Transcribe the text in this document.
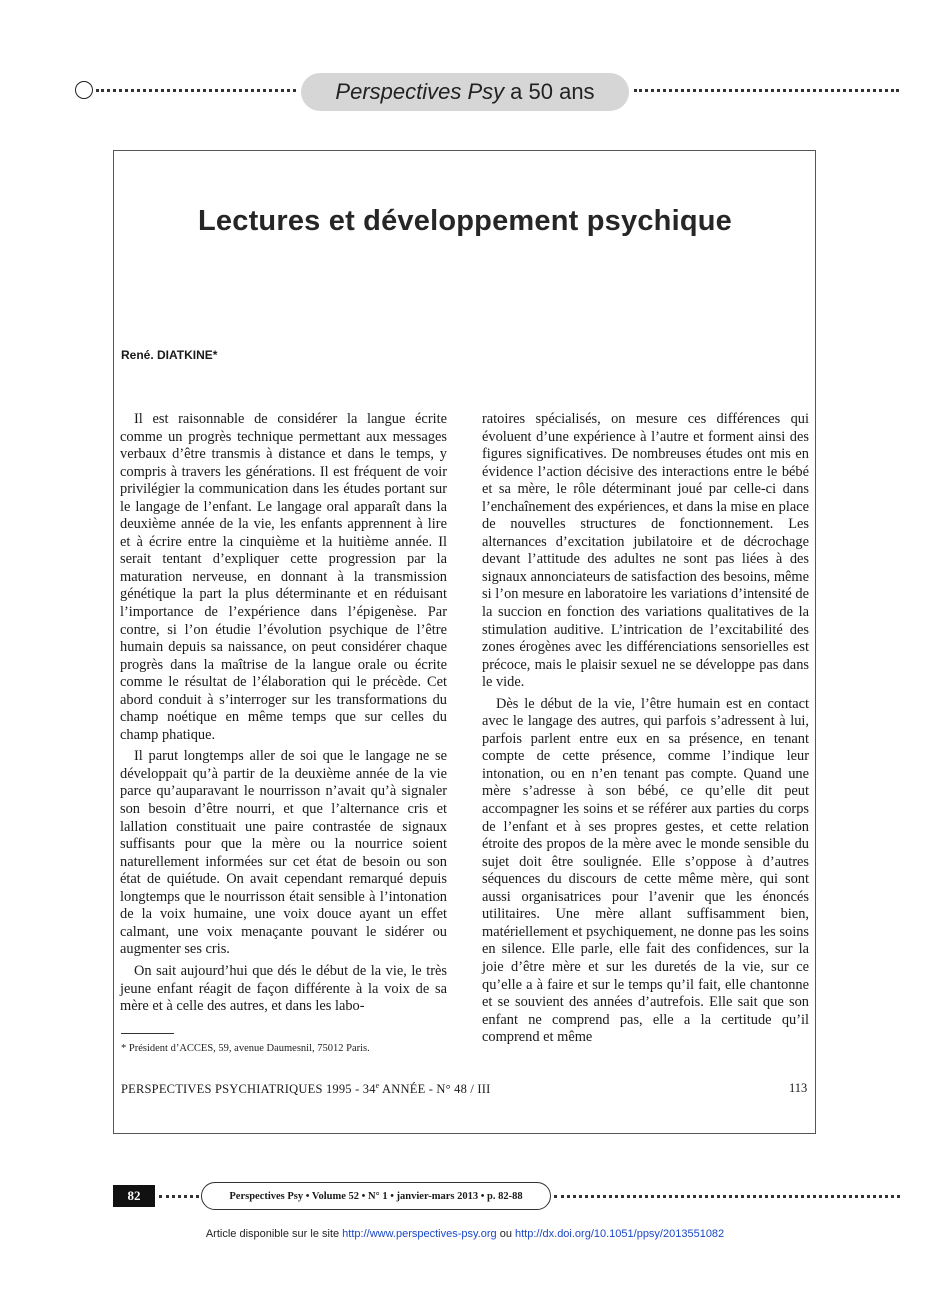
Perspectives Psy a 50 ans
Lectures et développement psychique
René. DIATKINE*

Il est raisonnable de considérer la langue écrite comme un progrès technique permettant aux messages verbaux d’être transmis à distance et dans le temps, y compris à travers les générations. Il est fréquent de voir privilégier la communication dans les études portant sur le langage de l’enfant. Le langage oral apparaît dans la deuxième année de la vie, les enfants apprennent à lire et à écrire entre la cinquième et la huitième année. Il serait tentant d’expliquer cette progression par la maturation nerveuse, en donnant à la transmission génétique la part la plus déterminante et en réduisant l’importance de l’expérience dans l’épigenèse. Par contre, si l’on étudie l’évolution psychique de l’être humain depuis sa naissance, on peut considérer chaque progrès dans la maîtrise de la langue orale ou écrite comme le résultat de l’élaboration qui le précède. Cet abord conduit à s’interroger sur les transformations du champ noétique en même temps que sur celles du champ phatique.

Il parut longtemps aller de soi que le langage ne se développait qu’à partir de la deuxième année de la vie parce qu’auparavant le nourrisson n’avait qu’à signaler son besoin d’être nourri, et que l’alternance cris et lallation constituait une paire contrastée de signaux suffisants pour que la mère ou la nourrice soient naturellement informées sur cet état de besoin ou son état de quiétude. On avait cependant remarqué depuis longtemps que le nourrisson était sensible à l’intonation de la voix humaine, une voix douce ayant un effet calmant, une voix menaçante pouvant le sidérer ou augmenter ses cris.

On sait aujourd’hui que dés le début de la vie, le très jeune enfant réagit de façon différente à la voix de sa mère et à celle des autres, et dans les labo-

ratoires spécialisés, on mesure ces différences qui évoluent d’une expérience à l’autre et forment ainsi des figures significatives. De nombreuses études ont mis en évidence l’action décisive des interactions entre le bébé et sa mère, le rôle déterminant joué par celle-ci dans l’enchaînement des expériences, et dans la mise en place de nouvelles structures de fonctionnement. Les alternances d’excitation jubilatoire et de décrochage devant l’attitude des adultes ne sont pas liées à des signaux annonciateurs de satisfaction des besoins, même si l’on mesure en laboratoire les variations d’intensité de la succion en fonction des variations qualitatives de la stimulation auditive. L’intrication de l’excitabilité des zones érogènes avec les différenciations sensorielles est précoce, mais le plaisir sexuel ne se développe pas dans le vide.

Dès le début de la vie, l’être humain est en contact avec le langage des autres, qui parfois s’adressent à lui, parfois parlent entre eux en sa présence, en tenant compte de cette présence, comme l’indique leur intonation, ou en n’en tenant pas compte. Quand une mère s’adresse à son bébé, ce qu’elle dit peut accompagner les soins et se référer aux parties du corps de l’enfant et à ses propres gestes, et cette relation étroite des propos de la mère avec le monde sensible du sujet doit être soulignée. Elle s’oppose à d’autres séquences du discours de cette même mère, qui sont aussi organisatrices pour l’avenir que les énoncés utilitaires. Une mère allant suffisamment bien, matériellement et psychiquement, ne donne pas les soins en silence. Elle parle, elle fait des confidences, sur la joie d’être mère et sur les duretés de la vie, sur ce qu’elle a à faire et sur le temps qu’il fait, elle chantonne et se souvient des années d’autrefois. Elle sait que son enfant ne comprend pas, elle a la certitude qu’il comprend et même

* Président d’ACCES, 59, avenue Daumesnil, 75012 Paris.
PERSPECTIVES PSYCHIATRIQUES 1995 - 34e ANNÉE - N° 48 / III	113
82	Perspectives Psy • Volume 52 • N° 1 • janvier-mars 2013 • p. 82-88
Article disponible sur le site http://www.perspectives-psy.org ou http://dx.doi.org/10.1051/ppsy/2013551082
